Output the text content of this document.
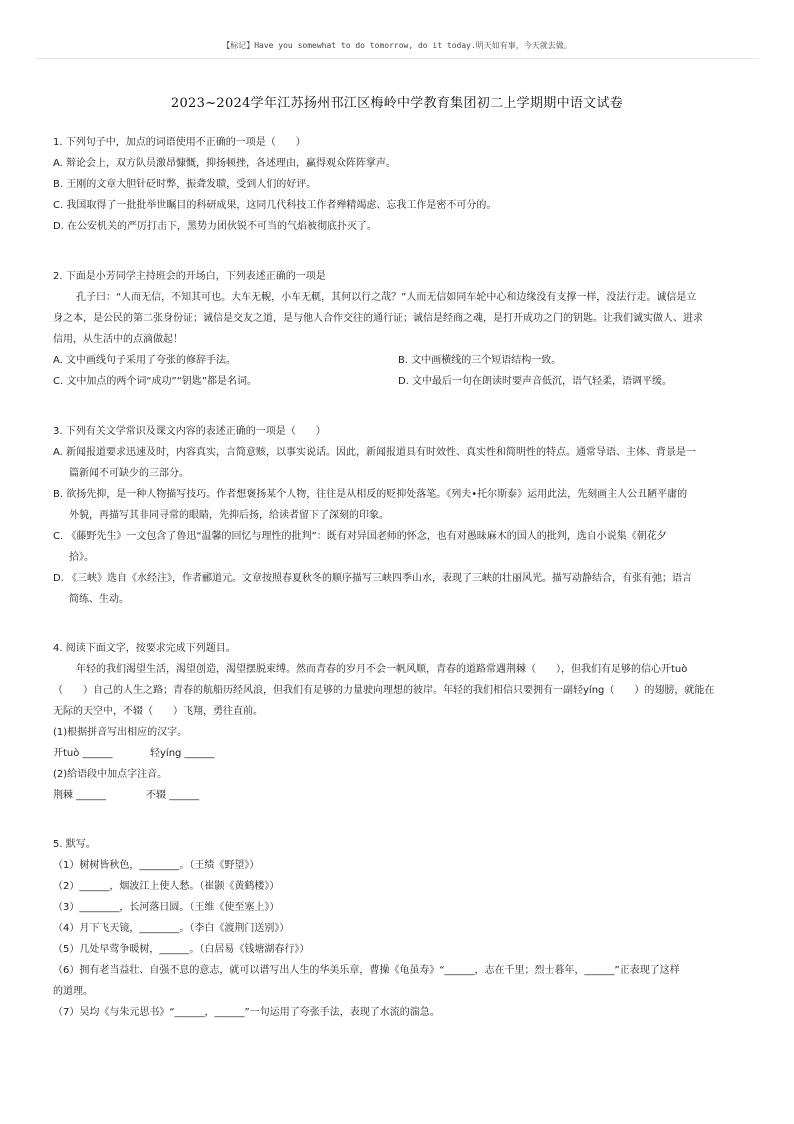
【标记】Have you somewhat to do tomorrow, do it today.明天如有事，今天就去做。
2023~2024学年江苏扬州邗江区梅岭中学教育集团初二上学期期中语文试卷
1. 下列句子中，加点的词语使用不正确的一项是（　　）
A. 辩论会上，双方队员激昂慷慨，抑扬顿挫，各述理由，赢得观众阵阵掌声。
B. 王刚的文章大胆针砭时弊，振聋发聩，受到人们的好评。
C. 我国取得了一批批举世瞩目的科研成果，这同几代科技工作者殚精竭虑、忘我工作是密不可分的。
D. 在公安机关的严厉打击下，黑势力团伙锐不可当的气焰被彻底扑灭了。
2. 下面是小芳同学主持班会的开场白，下列表述正确的一项是
孔子曰：“人而无信，不知其可也。大车无輗，小车无軏，其何以行之哉？”人而无信如同车轮中心和边缘没有支撑一样，没法行走。诚信是立
身之本，是公民的第二张身份证；诚信是交友之道，是与他人合作交往的通行证；诚信是经商之魂，是打开成功之门的钥匙。让我们诚实做人、进求
信用，从生活中的点滴做起！
A. 文中画线句子采用了夸张的修辞手法。	B. 文中画横线的三个短语结构一致。
C. 文中加点的两个词“成功”“钥匙”都是名词。	D. 文中最后一句在朗读时要声音低沉，语气轻柔，语调平缓。
3. 下列有关文学常识及课文内容的表述正确的一项是（　　）
A. 新闻报道要求迅速及时，内容真实，言简意赅，以事实说话。因此，新闻报道具有时效性、真实性和简明性的特点。通常导语、主体、背景是一
篇新闻不可缺少的三部分。
B. 欲扬先抑，是一种人物描写技巧。作者想褒扬某个人物，往往是从相反的贬抑处落笔。《列夫•托尔斯泰》运用此法，先刻画主人公丑陋平庸的
外貌，再描写其非同寻常的眼睛，先抑后扬，给读者留下了深刻的印象。
C. 《藤野先生》一文包含了鲁迅“温馨的回忆与理性的批判”：既有对异国老师的怀念，也有对愚昧麻木的国人的批判，选自小说集《朝花夕
拾》。
D. 《三峡》选自《水经注》，作者郦道元。文章按照春夏秋冬的顺序描写三峡四季山水，表现了三峡的壮丽风光。描写动静结合，有张有弛；语言
简练、生动。
4. 阅读下面文字，按要求完成下列题目。
年轻的我们渴望生活，渴望创造，渴望摆脱束缚。然而青春的岁月不会一帆风顺，青春的道路常遇荆棘（　　），但我们有足够的信心开tuò
（　　）自己的人生之路；青春的航船历经风浪，但我们有足够的力量驶向理想的彼岸。年轻的我们相信只要拥有一副轻yíng（　　）的翅膀，就能在
无际的天空中，不辍（　　）飞翔，勇往直前。
(1)根据拼音写出相应的汉字。
开tuò ______	轻yíng ______
(2)给语段中加点字注音。
荆棘 ______	不辍 ______
5. 默写。
（1）树树皆秋色，________。（王绩《野望》）
（2）______，烟波江上使人愁。（崔颢《黄鹤楼》）
（3）________，长河落日圆。（王维《使至塞上》）
（4）月下飞天镜，________。（李白《渡荆门送别》）
（5）几处早莺争暖树，______。（白居易《钱塘湖春行》）
（6）拥有老当益壮、自强不息的意志，就可以谱写出人生的华美乐章，曹操《龟虽寿》“______，志在千里；烈士暮年，______”正表现了这样
的道理。
（7）吴均《与朱元思书》“______，______”一句运用了夸张手法，表现了水流的湍急。
